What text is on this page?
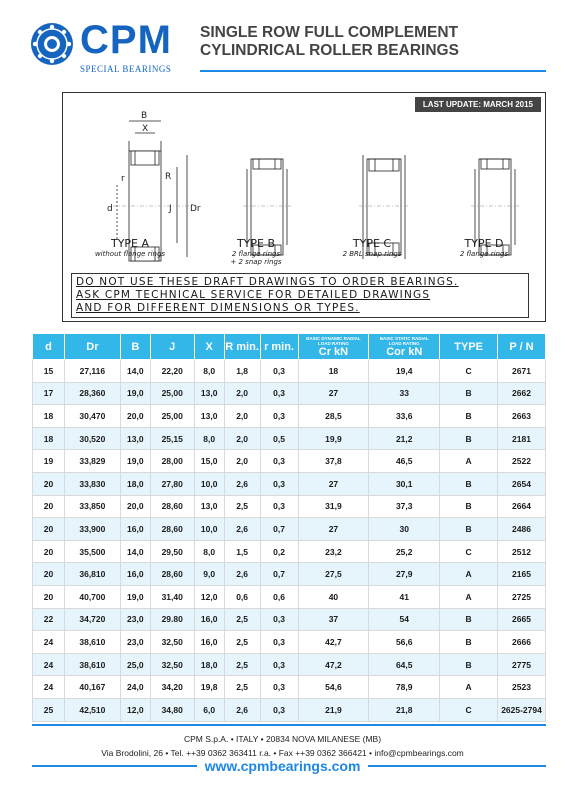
CPM
SPECIAL BEARINGS
SINGLE ROW FULL COMPLEMENT
CYLINDRICAL ROLLER BEARINGS
LAST UPDATE: MARCH 2015
B
X
r	R
d	J Dr
TYPE A
without flange rings
TYPE B
2 flange rings
+ 2 snap rings
TYPE C
2 BRL snap rings
TYPE D
2 flange rings
DO NOT USE THESE DRAFT DRAWINGS TO ORDER BEARINGS.
ASK CPM TECHNICAL SERVICE FOR DETAILED DRAWINGS
AND FOR DIFFERENT DIMENSIONS OR TYPES.
d	Dr	B	J	X	R min.	r min.	BASIC DYNAMIC RADIAL
LOAD RATING
Cr kN	BASIC STATIC RADIAL
LOAD RATING
Cor kN	TYPE	P / N
15	27,116	14,0	22,20	8,0	1,8	0,3	18	19,4	C	2671
17	28,360	19,0	25,00	13,0	2,0	0,3	27	33	B	2662
18	30,470	20,0	25,00	13,0	2,0	0,3	28,5	33,6	B	2663
18	30,520	13,0	25,15	8,0	2,0	0,5	19,9	21,2	B	2181
19	33,829	19,0	28,00	15,0	2,0	0,3	37,8	46,5	A	2522
20	33,830	18,0	27,80	10,0	2,6	0,3	27	30,1	B	2654
20	33,850	20,0	28,60	13,0	2,5	0,3	31,9	37,3	B	2664
20	33,900	16,0	28,60	10,0	2,6	0,7	27	30	B	2486
20	35,500	14,0	29,50	8,0	1,5	0,2	23,2	25,2	C	2512
20	36,810	16,0	28,60	9,0	2,6	0,7	27,5	27,9	A	2165
20	40,700	19,0	31,40	12,0	0,6	0,6	40	41	A	2725
22	34,720	23,0	29.80	16,0	2,5	0,3	37	54	B	2665
24	38,610	23,0	32,50	16,0	2,5	0,3	42,7	56,6	B	2666
24	38,610	25,0	32,50	18,0	2,5	0,3	47,2	64,5	B	2775
24	40,167	24,0	34,20	19,8	2,5	0,3	54,6	78,9	A	2523
25	42,510	12,0	34,80	6,0	2,6	0,3	21,9	21,8	C	2625-2794
CPM S.p.A. • ITALY • 20834 NOVA MILANESE (MB)
Via Brodolini, 26 • Tel. ++39 0362 363411 r.a. • Fax ++39 0362 366421 • info@cpmbearings.com
www.cpmbearings.com
